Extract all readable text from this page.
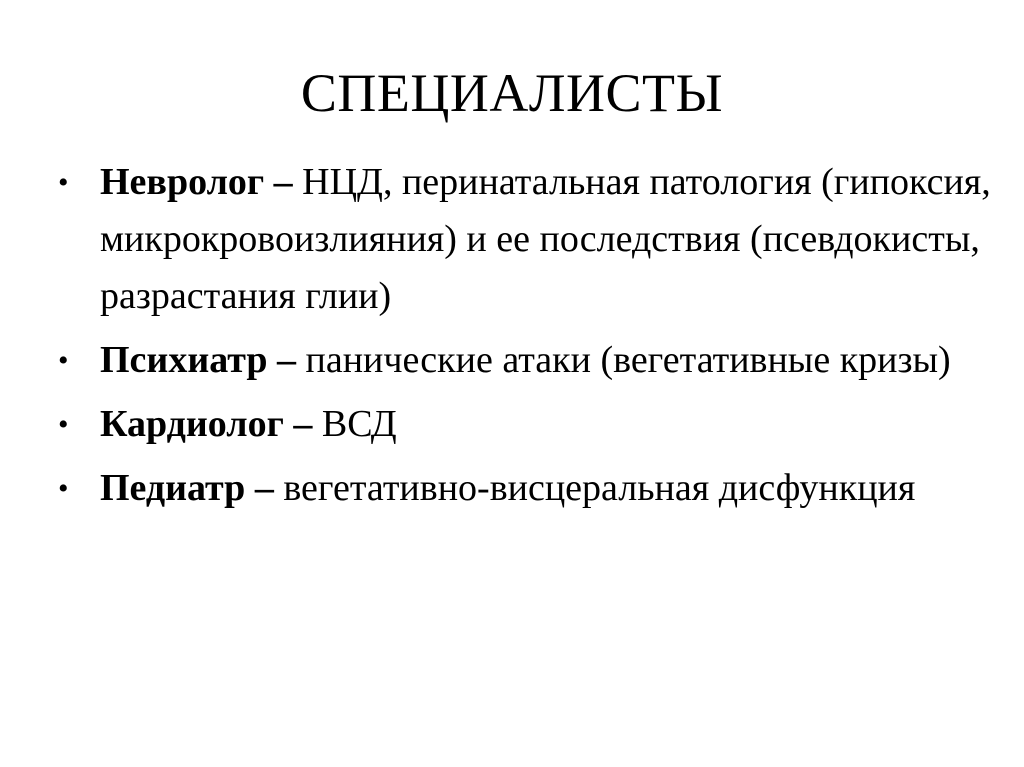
СПЕЦИАЛИСТЫ
• Невролог – НЦД, перинатальная патология (гипоксия, микрокровоизлияния) и ее последствия (псевдокисты, разрастания глии)
• Психиатр – панические атаки (вегетативные кризы)
• Кардиолог – ВСД
• Педиатр – вегетативно-висцеральная дисфункция
